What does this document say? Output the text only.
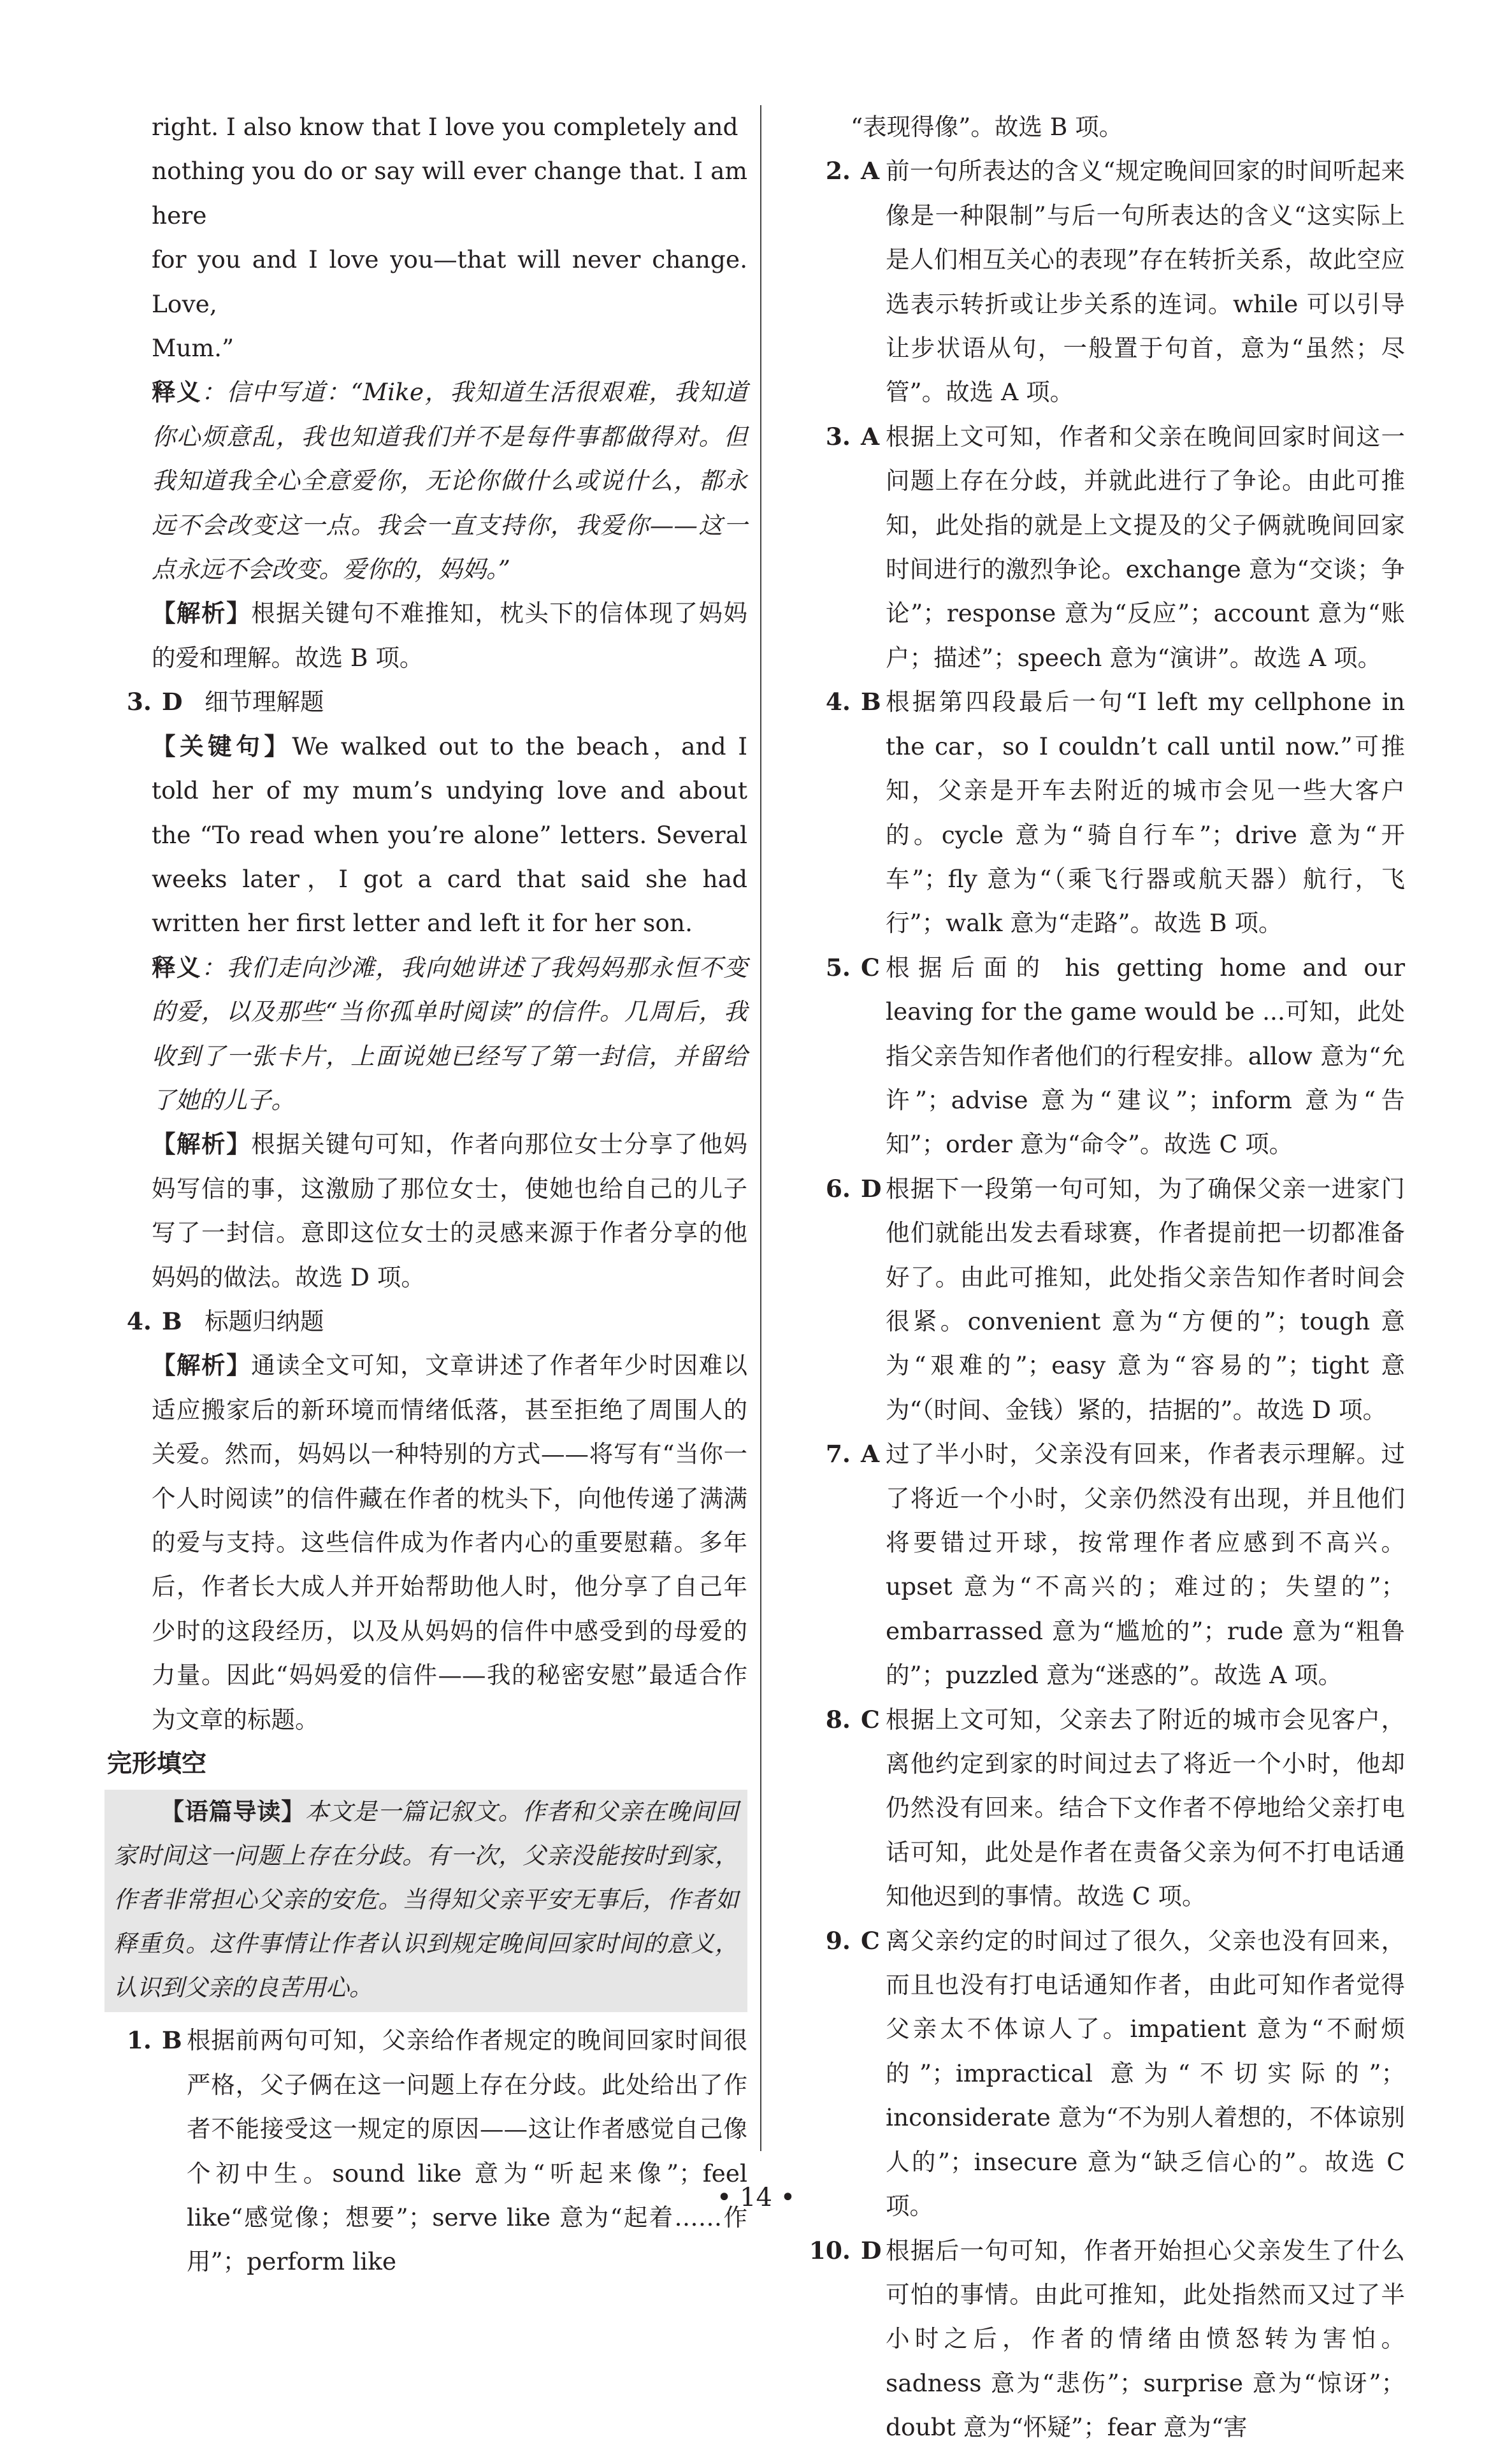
right. I also know that I love you completely and

nothing you do or say will ever change that. I am here

for you and I love you—that will never change. Love,

Mum.”

释义：信中写道：“Mike，我知道生活很艰难，我知道你心烦意乱，我也知道我们并不是每件事都做得对。但我知道我全心全意爱你，无论你做什么或说什么，都永远不会改变这一点。我会一直支持你，我爱你——这一点永远不会改变。爱你的，妈妈。”

【解析】根据关键句不难推知，枕头下的信体现了妈妈的爱和理解。故选 B 项。

3. D 细节理解题

【关键句】We walked out to the beach，and I told her of my mum’s undying love and about the “To read when you’re alone” letters. Several weeks later，I got a card that said she had written her first letter and left it for her son.

释义：我们走向沙滩，我向她讲述了我妈妈那永恒不变的爱，以及那些“当你孤单时阅读”的信件。几周后，我收到了一张卡片，上面说她已经写了第一封信，并留给了她的儿子。

【解析】根据关键句可知，作者向那位女士分享了他妈妈写信的事，这激励了那位女士，使她也给自己的儿子写了一封信。意即这位女士的灵感来源于作者分享的他妈妈的做法。故选 D 项。

4. B 标题归纳题

【解析】通读全文可知，文章讲述了作者年少时因难以适应搬家后的新环境而情绪低落，甚至拒绝了周围人的关爱。然而，妈妈以一种特别的方式——将写有“当你一个人时阅读”的信件藏在作者的枕头下，向他传递了满满的爱与支持。这些信件成为作者内心的重要慰藉。多年后，作者长大成人并开始帮助他人时，他分享了自己年少时的这段经历，以及从妈妈的信件中感受到的母爱的力量。因此“妈妈爱的信件——我的秘密安慰”最适合作为文章的标题。

完形填空

【语篇导读】本文是一篇记叙文。作者和父亲在晚间回家时间这一问题上存在分歧。有一次，父亲没能按时到家，作者非常担心父亲的安危。当得知父亲平安无事后，作者如释重负。这件事情让作者认识到规定晚间回家时间的意义，认识到父亲的良苦用心。

1. B 根据前两句可知，父亲给作者规定的晚间回家时间很严格，父子俩在这一问题上存在分歧。此处给出了作者不能接受这一规定的原因——这让作者感觉自己像个初中生。sound like 意为“听起来像”；feel like“感觉像；想要”；serve like 意为“起着……作用”；perform like

“表现得像”。故选 B 项。

2. A 前一句所表达的含义“规定晚间回家的时间听起来像是一种限制”与后一句所表达的含义“这实际上是人们相互关心的表现”存在转折关系，故此空应选表示转折或让步关系的连词。while 可以引导让步状语从句，一般置于句首，意为“虽然；尽管”。故选 A 项。
3. A 根据上文可知，作者和父亲在晚间回家时间这一问题上存在分歧，并就此进行了争论。由此可推知，此处指的就是上文提及的父子俩就晚间回家时间进行的激烈争论。exchange 意为“交谈；争论”；response 意为“反应”；account 意为“账户；描述”；speech 意为“演讲”。故选 A 项。
4. B 根据第四段最后一句“I left my cellphone in the car，so I couldn’t call until now.”可推知，父亲是开车去附近的城市会见一些大客户的。cycle 意为“骑自行车”；drive 意为“开车”；fly 意为“（乘飞行器或航天器）航行，飞行”；walk 意为“走路”。故选 B 项。
5. C 根据后面的 his getting home and our leaving for the game would be ...可知，此处指父亲告知作者他们的行程安排。allow 意为“允许”；advise 意为“建议”；inform 意为“告知”；order 意为“命令”。故选 C 项。
6. D 根据下一段第一句可知，为了确保父亲一进家门他们就能出发去看球赛，作者提前把一切都准备好了。由此可推知，此处指父亲告知作者时间会很紧。convenient 意为“方便的”；tough 意为“艰难的”；easy 意为“容易的”；tight 意为“（时间、金钱）紧的，拮据的”。故选 D 项。
7. A 过了半小时，父亲没有回来，作者表示理解。过了将近一个小时，父亲仍然没有出现，并且他们将要错过开球，按常理作者应感到不高兴。upset 意为“不高兴的；难过的；失望的”；embarrassed 意为“尴尬的”；rude 意为“粗鲁的”；puzzled 意为“迷惑的”。故选 A 项。
8. C 根据上文可知，父亲去了附近的城市会见客户，离他约定到家的时间过去了将近一个小时，他却仍然没有回来。结合下文作者不停地给父亲打电话可知，此处是作者在责备父亲为何不打电话通知他迟到的事情。故选 C 项。
9. C 离父亲约定的时间过了很久，父亲也没有回来，而且也没有打电话通知作者，由此可知作者觉得父亲太不体谅人了。impatient 意为“不耐烦的”；impractical 意为“不切实际的”；inconsiderate 意为“不为别人着想的，不体谅别人的”；insecure 意为“缺乏信心的”。故选 C 项。
10. D 根据后一句可知，作者开始担心父亲发生了什么可怕的事情。由此可推知，此处指然而又过了半小时之后，作者的情绪由愤怒转为害怕。sadness 意为“悲伤”；surprise 意为“惊讶”；doubt 意为“怀疑”；fear 意为“害
• 14 •
